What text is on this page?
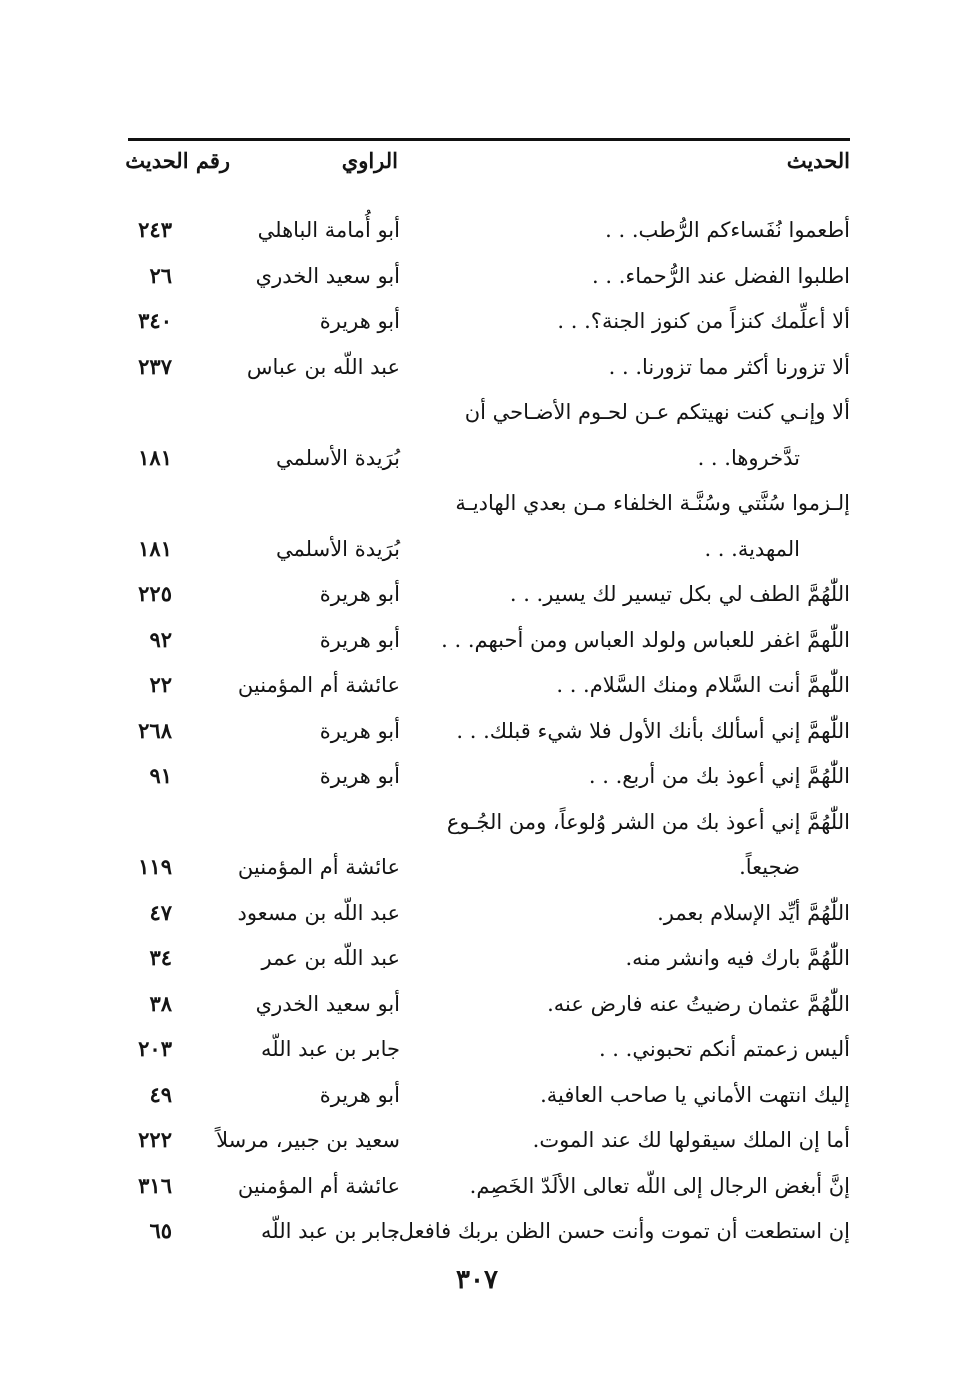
الحديث
الراوي
رقم الحديث
أطعموا نُفَساءكم الرُّطب. . .
أبو أُمامة الباهلي
٢٤٣
اطلبوا الفضل عند الرُّحماء. . .
أبو سعيد الخدري
٢٦
ألا أعلِّمك كنزاً من كنوز الجنة؟. . .
أبو هريرة
٣٤٠
ألا تزورنا أكثر مما تزورنا. . .
عبد اللّه بن عباس
٢٣٧
ألا وإنـي كنت نهيتكم عـن لحـوم الأضـاحي أن
تدَّخروها. . .
بُرَيدة الأسلمي
١٨١
إلـزموا سُنَّتي وسُنَّـة الخلفاء مـن بعدي الهاديـة
المهدية. . .
بُرَيدة الأسلمي
١٨١
اللّٰهُمَّ الطف لي بكل تيسير لك يسير. . .
أبو هريرة
٢٢٥
اللّٰهمَّ اغفر للعباس ولولد العباس ومن أحبهم. . .
أبو هريرة
٩٢
اللّٰهمَّ أنت السَّلام ومنك السَّلام. . .
عائشة أم المؤمنين
٢٢
اللّٰهمَّ إني أسألك بأنك الأول فلا شيء قبلك. . .
أبو هريرة
٢٦٨
اللّٰهُمَّ إني أعوذ بك من أربع. . .
أبو هريرة
٩١
اللّٰهُمَّ إني أعوذ بك من الشر وُلوعاً، ومن الجُـوع
ضجيعاً.
عائشة أم المؤمنين
١١٩
اللّٰهُمَّ أيِّد الإسلام بعمر.
عبد اللّه بن مسعود
٤٧
اللّٰهُمَّ بارك فيه وانشر منه.
عبد اللّه بن عمر
٣٤
اللّٰهُمَّ عثمان رضيتُ عنه فارض عنه.
أبو سعيد الخدري
٣٨
أليس زعمتم أنكم تحبوني. . .
جابر بن عبد اللّه
٢٠٣
إليك انتهت الأماني يا صاحب العافية.
أبو هريرة
٤٩
أما إن الملك سيقولها لك عند الموت.
سعيد بن جبير، مرسلاً
٢٢٢
إنَّ أبغض الرجال إلى اللّه تعالى الألَدّ الخَصِم.
عائشة أم المؤمنين
٣١٦
إن استطعت أن تموت وأنت حسن الظن بربك فافعل.
جابر بن عبد اللّه
٦٥
٣٠٧
